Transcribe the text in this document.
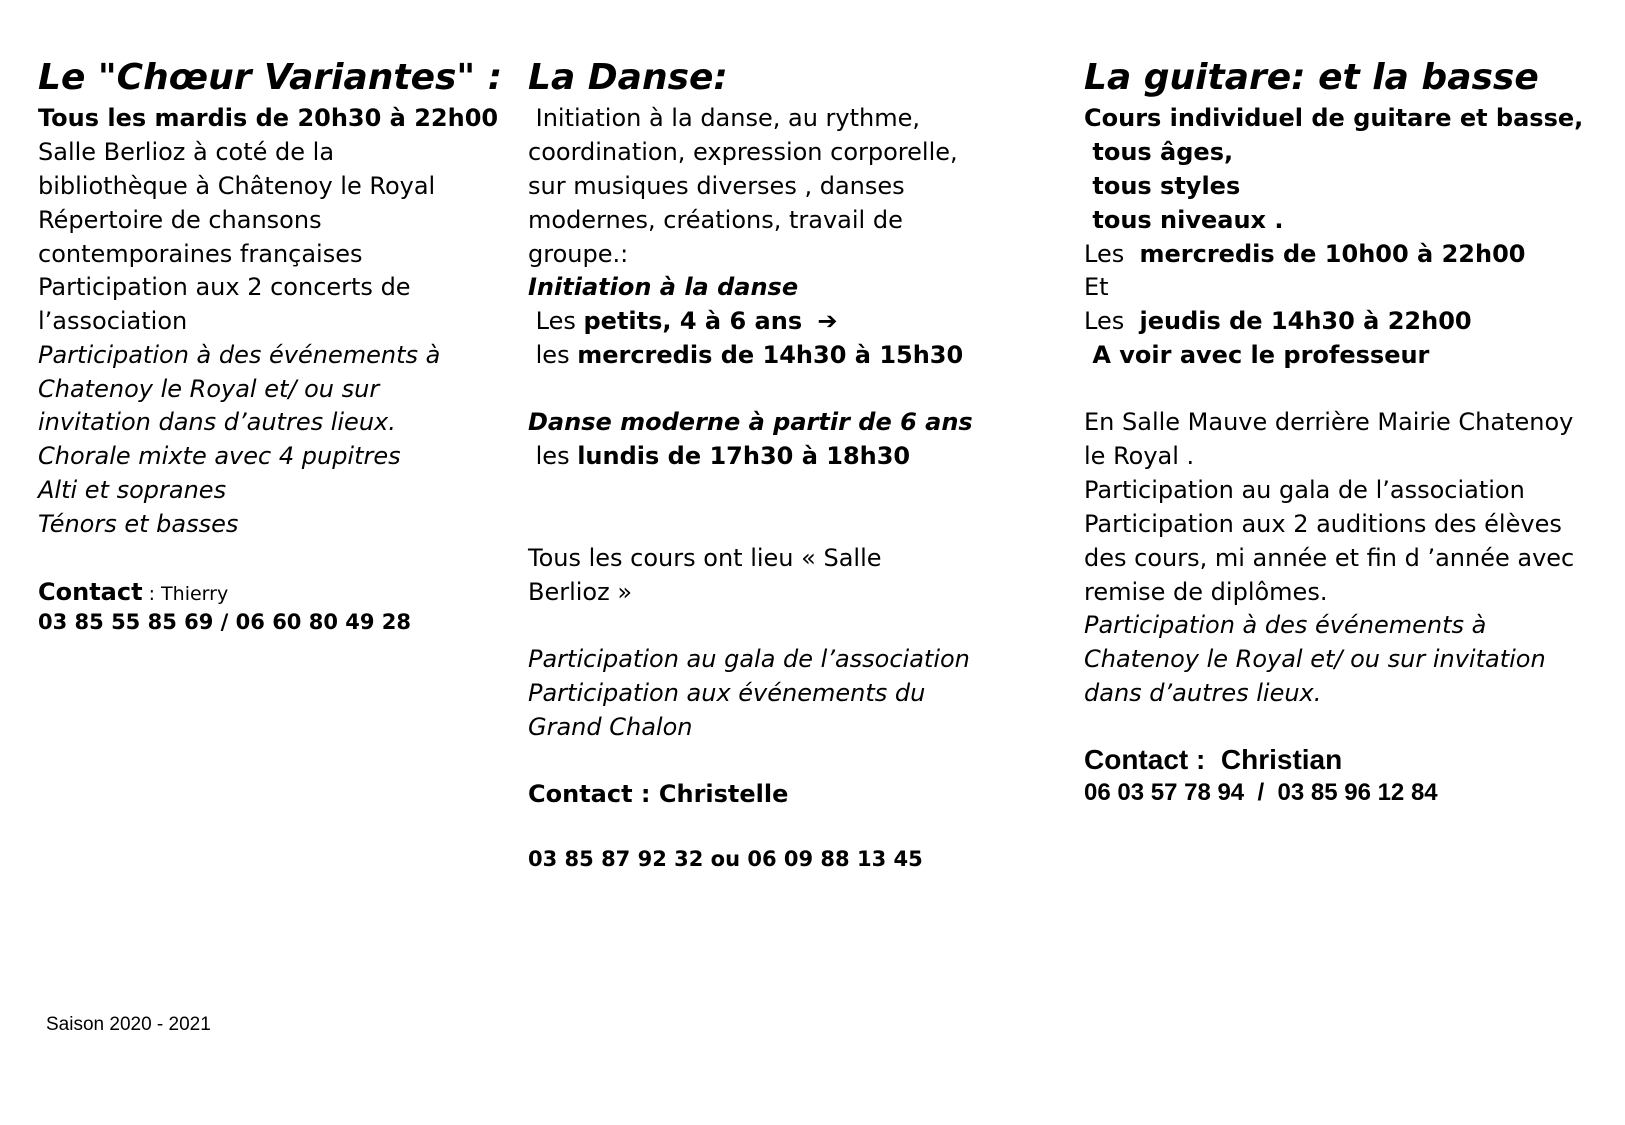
Le "Chœur Variantes" :
Tous les mardis de 20h30 à 22h00
Salle Berlioz à coté de la
bibliothèque à Châtenoy le Royal
Répertoire de chansons
contemporaines françaises
Participation aux 2 concerts de
l’association
Participation à des événements à
Chatenoy le Royal et/ ou sur
invitation dans d’autres lieux.
Chorale mixte avec 4 pupitres
Alti et sopranes
Ténors et basses
Contact : Thierry
03 85 55 85 69 / 06 60 80 49 28
La Danse:
Initiation à la danse, au rythme,
coordination, expression corporelle,
sur musiques diverses , danses
modernes, créations, travail de
groupe.:
Initiation à la danse
Les petits, 4 à 6 ans ➔
les mercredis de 14h30 à 15h30
Danse moderne à partir de 6 ans
les lundis de 17h30 à 18h30
Tous les cours ont lieu « Salle
Berlioz »
Participation au gala de l’association
Participation aux événements du
Grand Chalon
Contact : Christelle
03 85 87 92 32 ou 06 09 88 13 45
La guitare: et la basse
Cours individuel de guitare et basse,
tous âges,
tous styles
tous niveaux .
Les  mercredis de 10h00 à 22h00
Et
Les  jeudis de 14h30 à 22h00
A voir avec le professeur
En Salle Mauve derrière Mairie Chatenoy
le Royal .
Participation au gala de l’association
Participation aux 2 auditions des élèves
des cours, mi année et fin d ’année avec
remise de diplômes.
Participation à des événements à
Chatenoy le Royal et/ ou sur invitation
dans d’autres lieux.
Contact :  Christian
06 03 57 78 94  /  03 85 96 12 84
Saison 2020 - 2021
